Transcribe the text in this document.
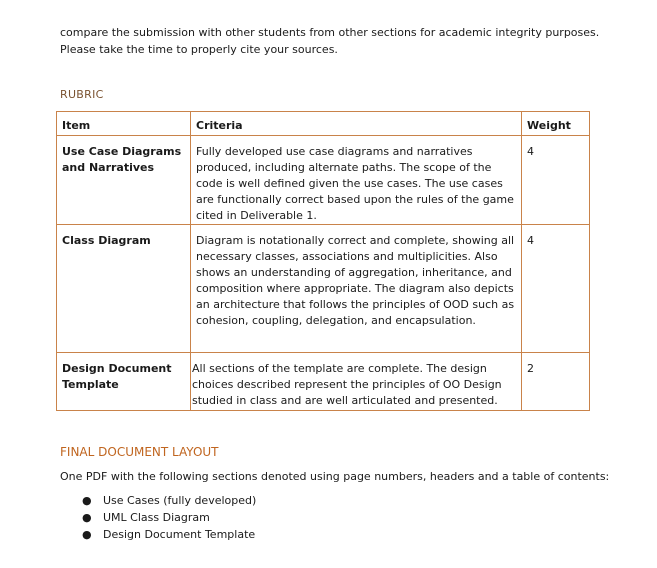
compare the submission with other students from other sections for academic integrity purposes.

Please take the time to properly cite your sources.

RUBRIC
Item	Criteria	Weight
Use Case Diagrams and Narratives	Fully developed use case diagrams and narratives produced, including alternate paths. The scope of the code is well defined given the use cases. The use cases are functionally correct based upon the rules of the game cited in Deliverable 1.	4
Class Diagram	Diagram is notationally correct and complete, showing all necessary classes, associations and multiplicities. Also shows an understanding of aggregation, inheritance, and composition where appropriate. The diagram also depicts an architecture that follows the principles of OOD such as cohesion, coupling, delegation, and encapsulation.	4
Design Document Template	All sections of the template are complete. The design choices described represent the principles of OO Design studied in class and are well articulated and presented.	2
FINAL DOCUMENT LAYOUT
One PDF with the following sections denoted using page numbers, headers and a table of contents:
● Use Cases (fully developed)
● UML Class Diagram
● Design Document Template
